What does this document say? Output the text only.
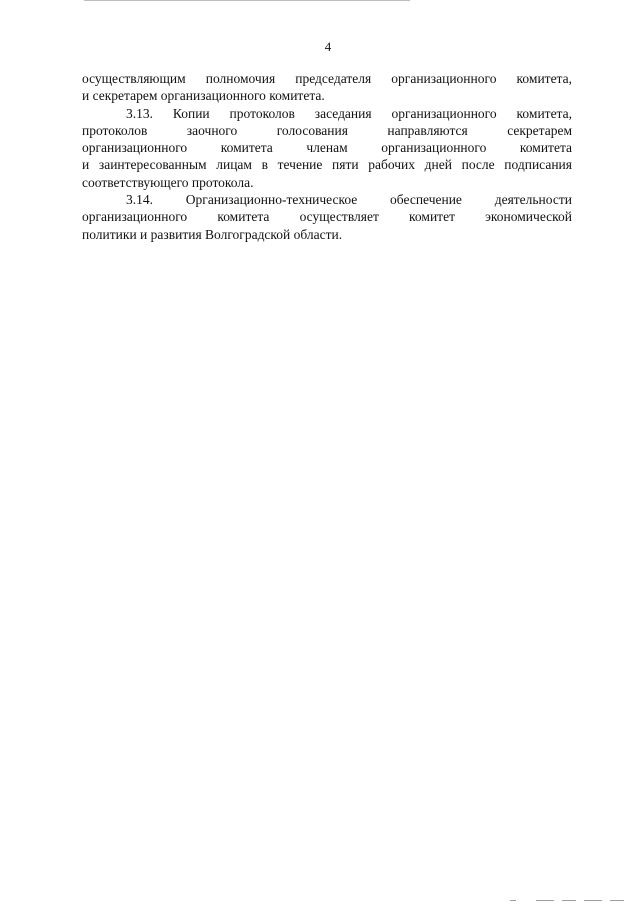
4
осуществляющим полномочия председателя организационного комитета,
и секретарем организационного комитета.
3.13. Копии протоколов заседания организационного комитета,
протоколов заочного голосования направляются секретарем
организационного комитета членам организационного комитета
и заинтересованным лицам в течение пяти рабочих дней после подписания
соответствующего протокола.
3.14. Организационно-техническое обеспечение деятельности
организационного комитета осуществляет комитет экономической
политики и развития Волгоградской области.
